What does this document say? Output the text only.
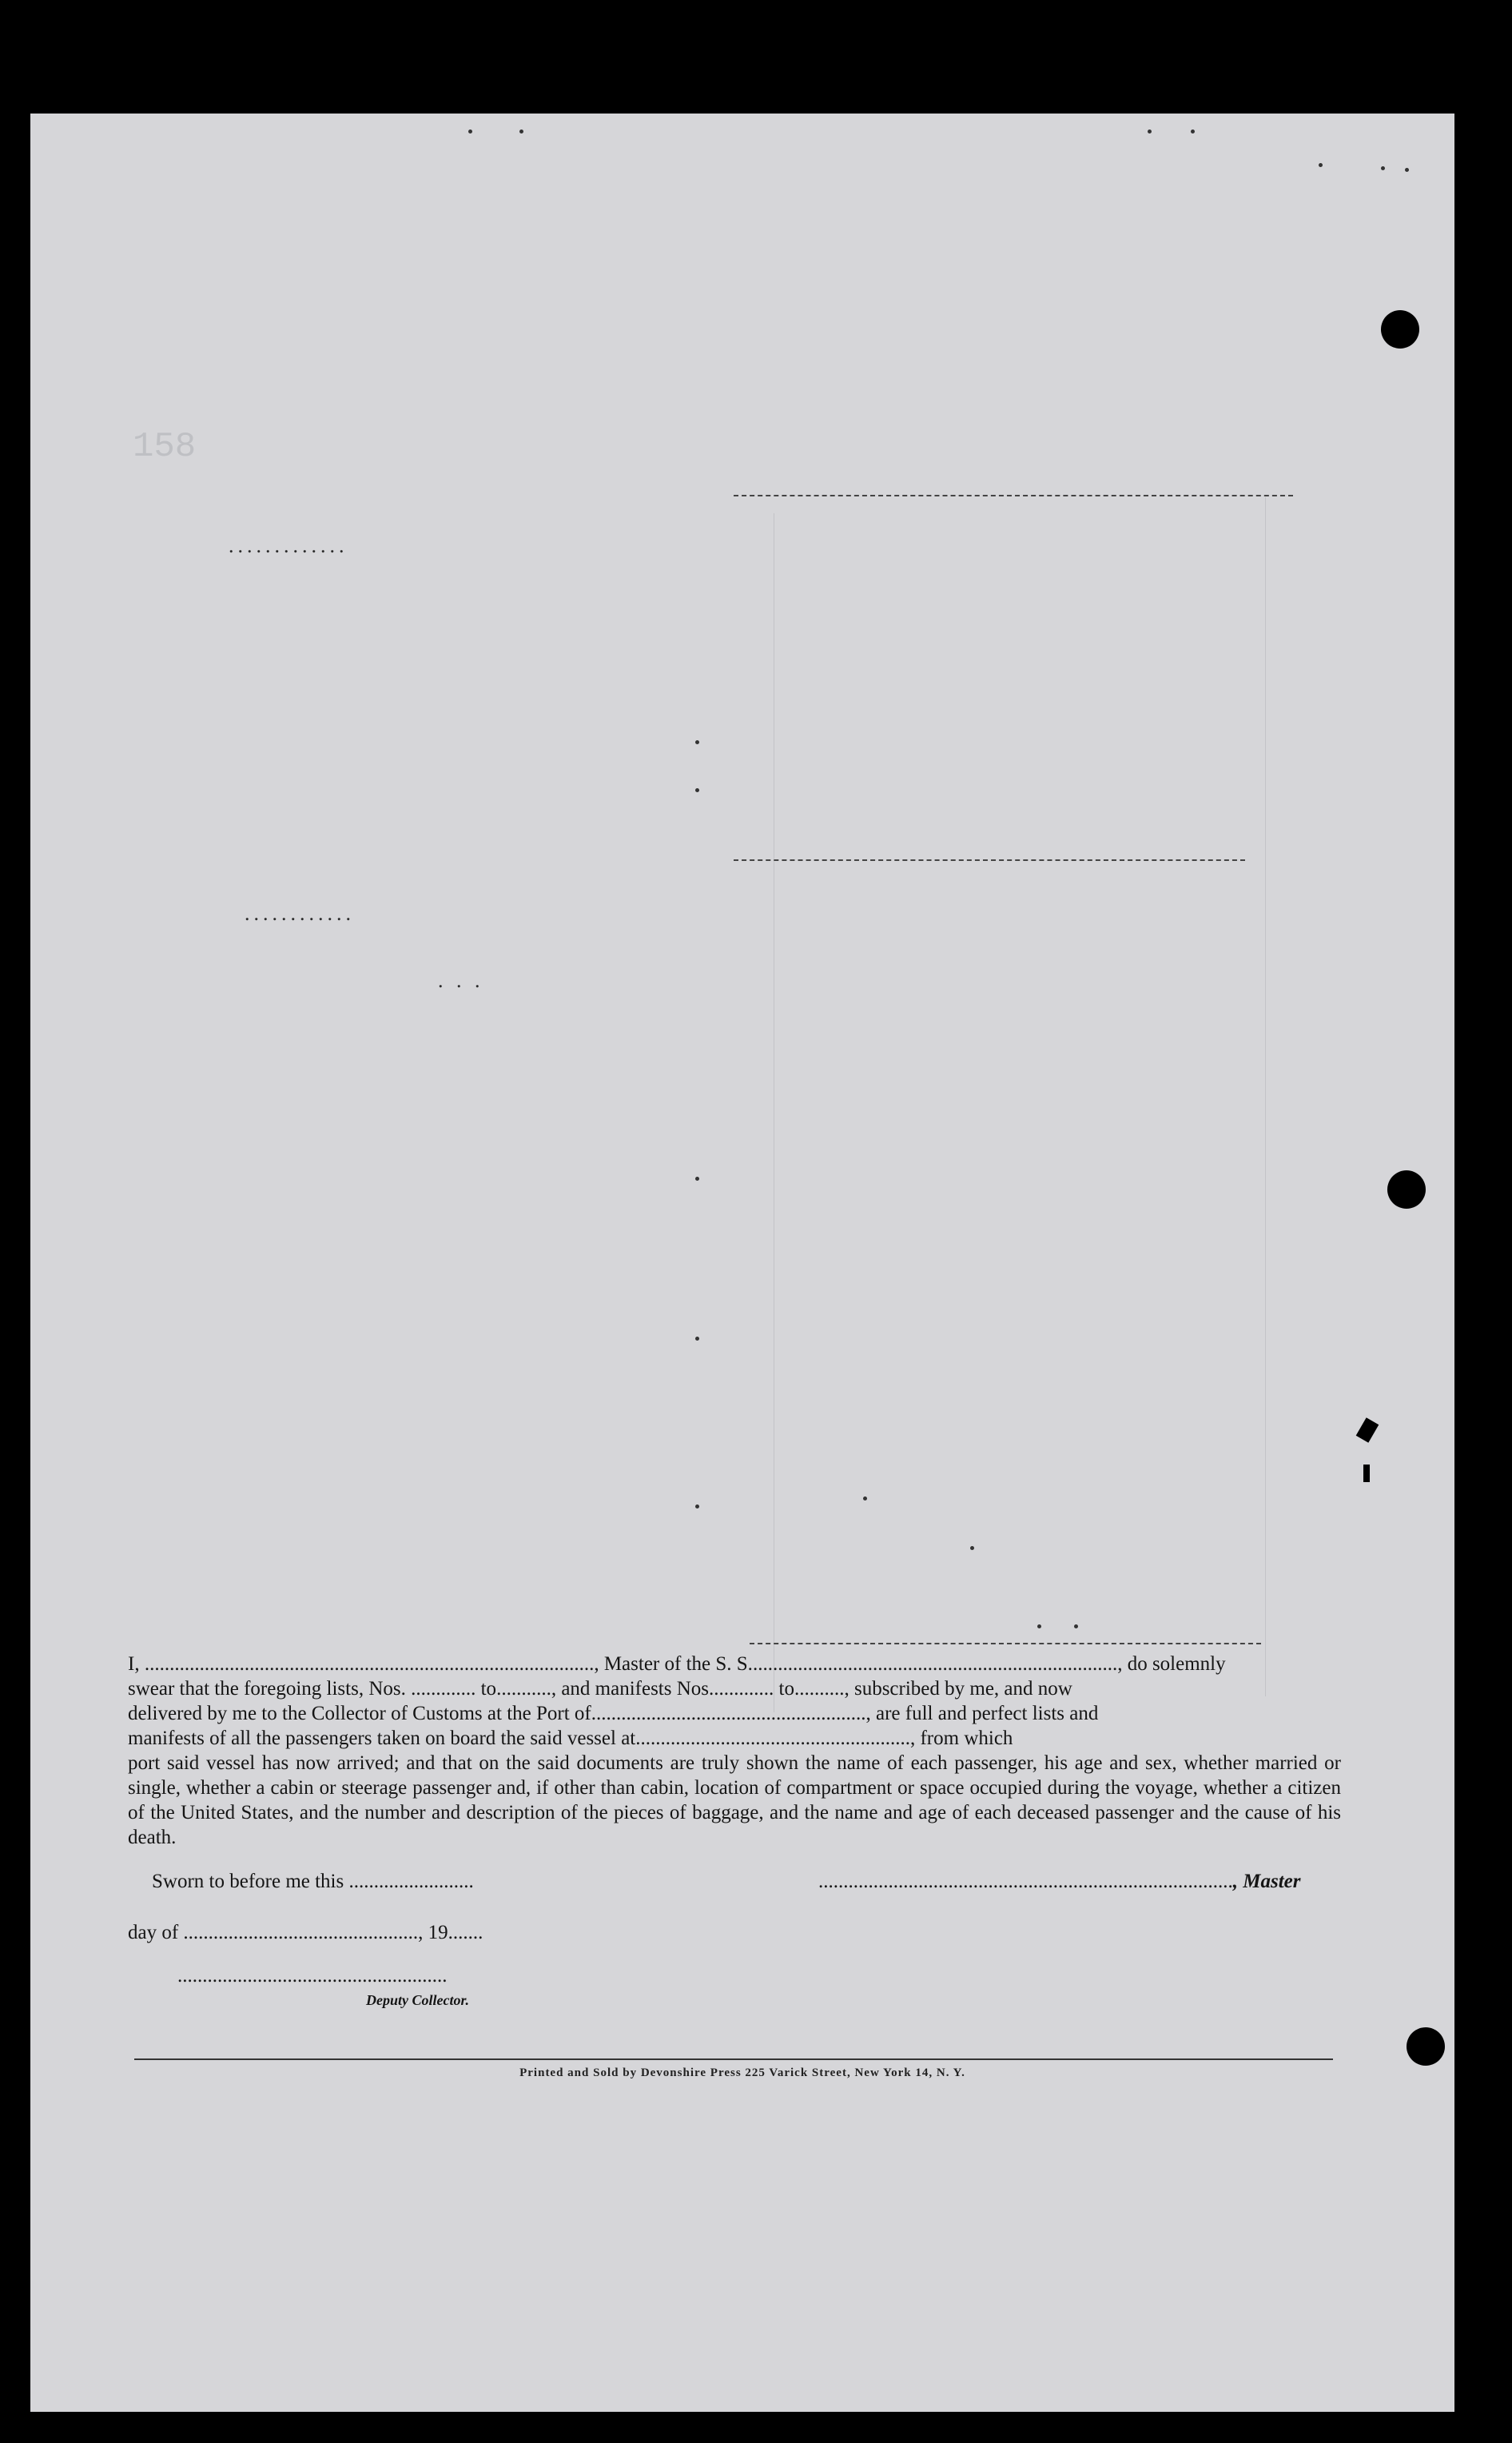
158
.............
............
. . .

I, .........................................................................................., Master of the S. S.........................................................................., do solemnly

swear that the foregoing lists, Nos. ............. to..........., and manifests Nos............. to.........., subscribed by me, and now

delivered by me to the Collector of Customs at the Port of......................................................., are full and perfect lists and

manifests of all the passengers taken on board the said vessel at......................................................., from which

port said vessel has now arrived; and that on the said documents are truly shown the name of each passenger, his age and sex, whether married or single, whether a cabin or steerage passenger and, if other than cabin, location of compartment or space occupied during the voyage, whether a citizen of the United States, and the number and description of the pieces of baggage, and the name and age of each deceased passenger and the cause of his death.

Sworn to before me this .........................	..................................................................................., Master
day of ..............................................., 19.......
......................................................
Deputy Collector.
Printed and Sold by Devonshire Press 225 Varick Street, New York 14, N. Y.
